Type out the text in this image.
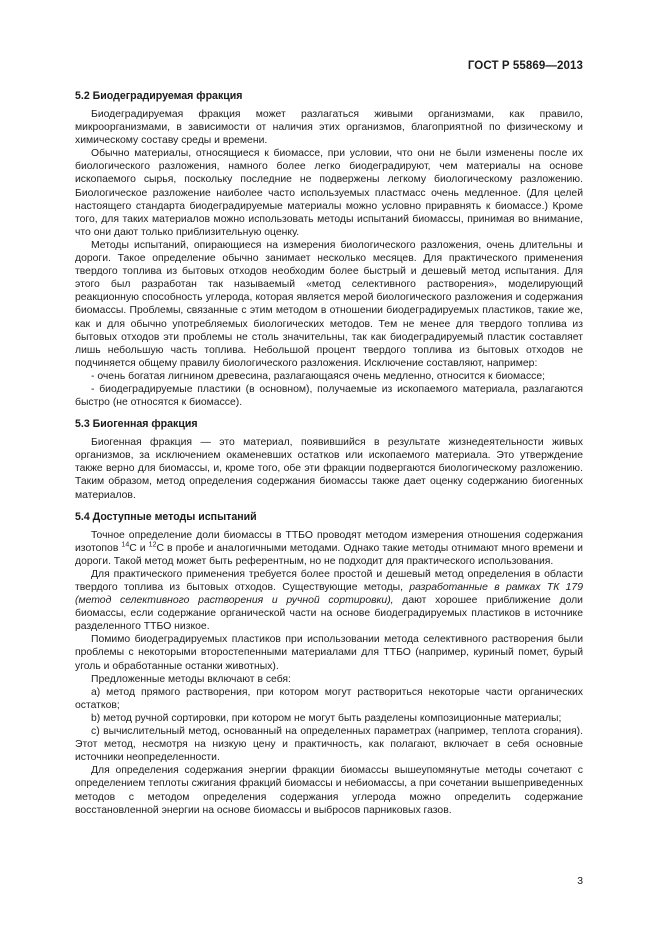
ГОСТ Р 55869—2013
5.2 Биодеградируемая фракция

Биодеградируемая фракция может разлагаться живыми организмами, как правило, микроорганизмами, в зависимости от наличия этих организмов, благоприятной по физическому и химическому составу среды и времени.

Обычно материалы, относящиеся к биомассе, при условии, что они не были изменены после их биологического разложения, намного более легко биодеградируют, чем материалы на основе ископаемого сырья, поскольку последние не подвержены легкому биологическому разложению. Биологическое разложение наиболее часто используемых пластмасс очень медленное. (Для целей настоящего стандарта биодеградируемые материалы можно условно приравнять к биомассе.) Кроме того, для таких материалов можно использовать методы испытаний биомассы, принимая во внимание, что они дают только приблизительную оценку.

Методы испытаний, опирающиеся на измерения биологического разложения, очень длительны и дороги. Такое определение обычно занимает несколько месяцев. Для практического применения твердого топлива из бытовых отходов необходим более быстрый и дешевый метод испытания. Для этого был разработан так называемый «метод селективного растворения», моделирующий реакционную способность углерода, которая является мерой биологического разложения и содержания биомассы. Проблемы, связанные с этим методом в отношении биодеградируемых пластиков, такие же, как и для обычно употребляемых биологических методов. Тем не менее для твердого топлива из бытовых отходов эти проблемы не столь значительны, так как биодеградируемый пластик составляет лишь небольшую часть топлива. Небольшой процент твердого топлива из бытовых отходов не подчиняется общему правилу биологического разложения. Исключение составляют, например:

- очень богатая лигнином древесина, разлагающаяся очень медленно, относится к биомассе;

- биодеградируемые пластики (в основном), получаемые из ископаемого материала, разлагаются быстро (не относятся к биомассе).

5.3 Биогенная фракция

Биогенная фракция — это материал, появившийся в результате жизнедеятельности живых организмов, за исключением окаменевших остатков или ископаемого материала. Это утверждение также верно для биомассы, и, кроме того, обе эти фракции подвергаются биологическому разложению. Таким образом, метод определения содержания биомассы также дает оценку содержанию биогенных материалов.

5.4 Доступные методы испытаний

Точное определение доли биомассы в ТТБО проводят методом измерения отношения содержания изотопов $^{14}$C и $^{12}$C в пробе и аналогичными методами. Однако такие методы отнимают много времени и дороги. Такой метод может быть референтным, но не подходит для практического использования.

Для практического применения требуется более простой и дешевый метод определения в области твердого топлива из бытовых отходов. Существующие методы, разработанные в рамках ТК 179 (метод селективного растворения и ручной сортировки), дают хорошее приближение доли биомассы, если содержание органической части на основе биодеградируемых пластиков в источнике разделенного ТТБО низкое.

Помимо биодеградируемых пластиков при использовании метода селективного растворения были проблемы с некоторыми второстепенными материалами для ТТБО (например, куриный помет, бурый уголь и обработанные останки животных).

Предложенные методы включают в себя:

а) метод прямого растворения, при котором могут раствориться некоторые части органических остатков;

b) метод ручной сортировки, при котором не могут быть разделены композиционные материалы;

с) вычислительный метод, основанный на определенных параметрах (например, теплота сгорания). Этот метод, несмотря на низкую цену и практичность, как полагают, включает в себя основные источники неопределенности.

Для определения содержания энергии фракции биомассы вышеупомянутые методы сочетают с определением теплоты сжигания фракций биомассы и небиомассы, а при сочетании вышеприведенных методов с методом определения содержания углерода можно определить содержание восстановленной энергии на основе биомассы и выбросов парниковых газов.

3
